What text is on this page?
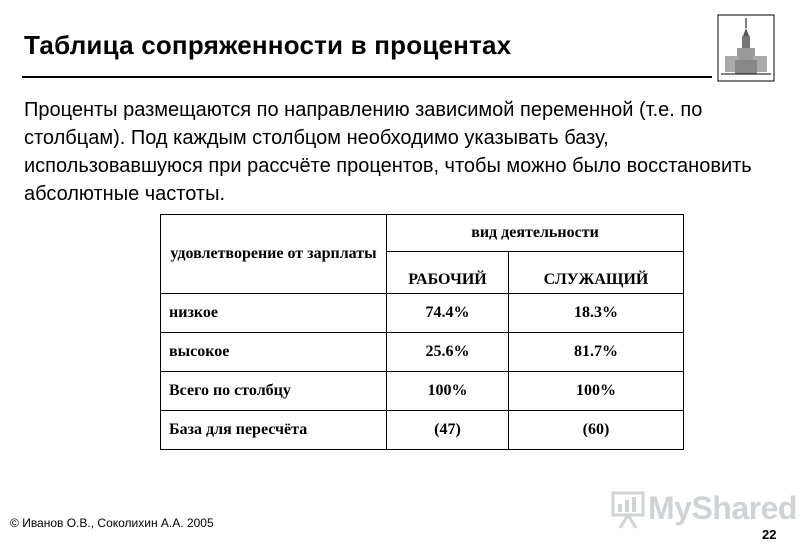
Таблица сопряженности в процентах
Проценты размещаются по направлению зависимой переменной (т.е. по столбцам). Под каждым столбцом необходимо указывать базу, использовавшуюся при рассчёте процентов, чтобы можно было восстановить абсолютные частоты.
удовлетворение от зарплаты	вид деятельности	
	РАБОЧИЙ	СЛУЖАЩИЙ
низкое	74.4%	18.3%
высокое	25.6%	81.7%
Всего по столбцу	100%	100%
База для пересчёта	(47)	(60)
MyShared
© Иванов О.В., Соколихин А.А. 2005
22
